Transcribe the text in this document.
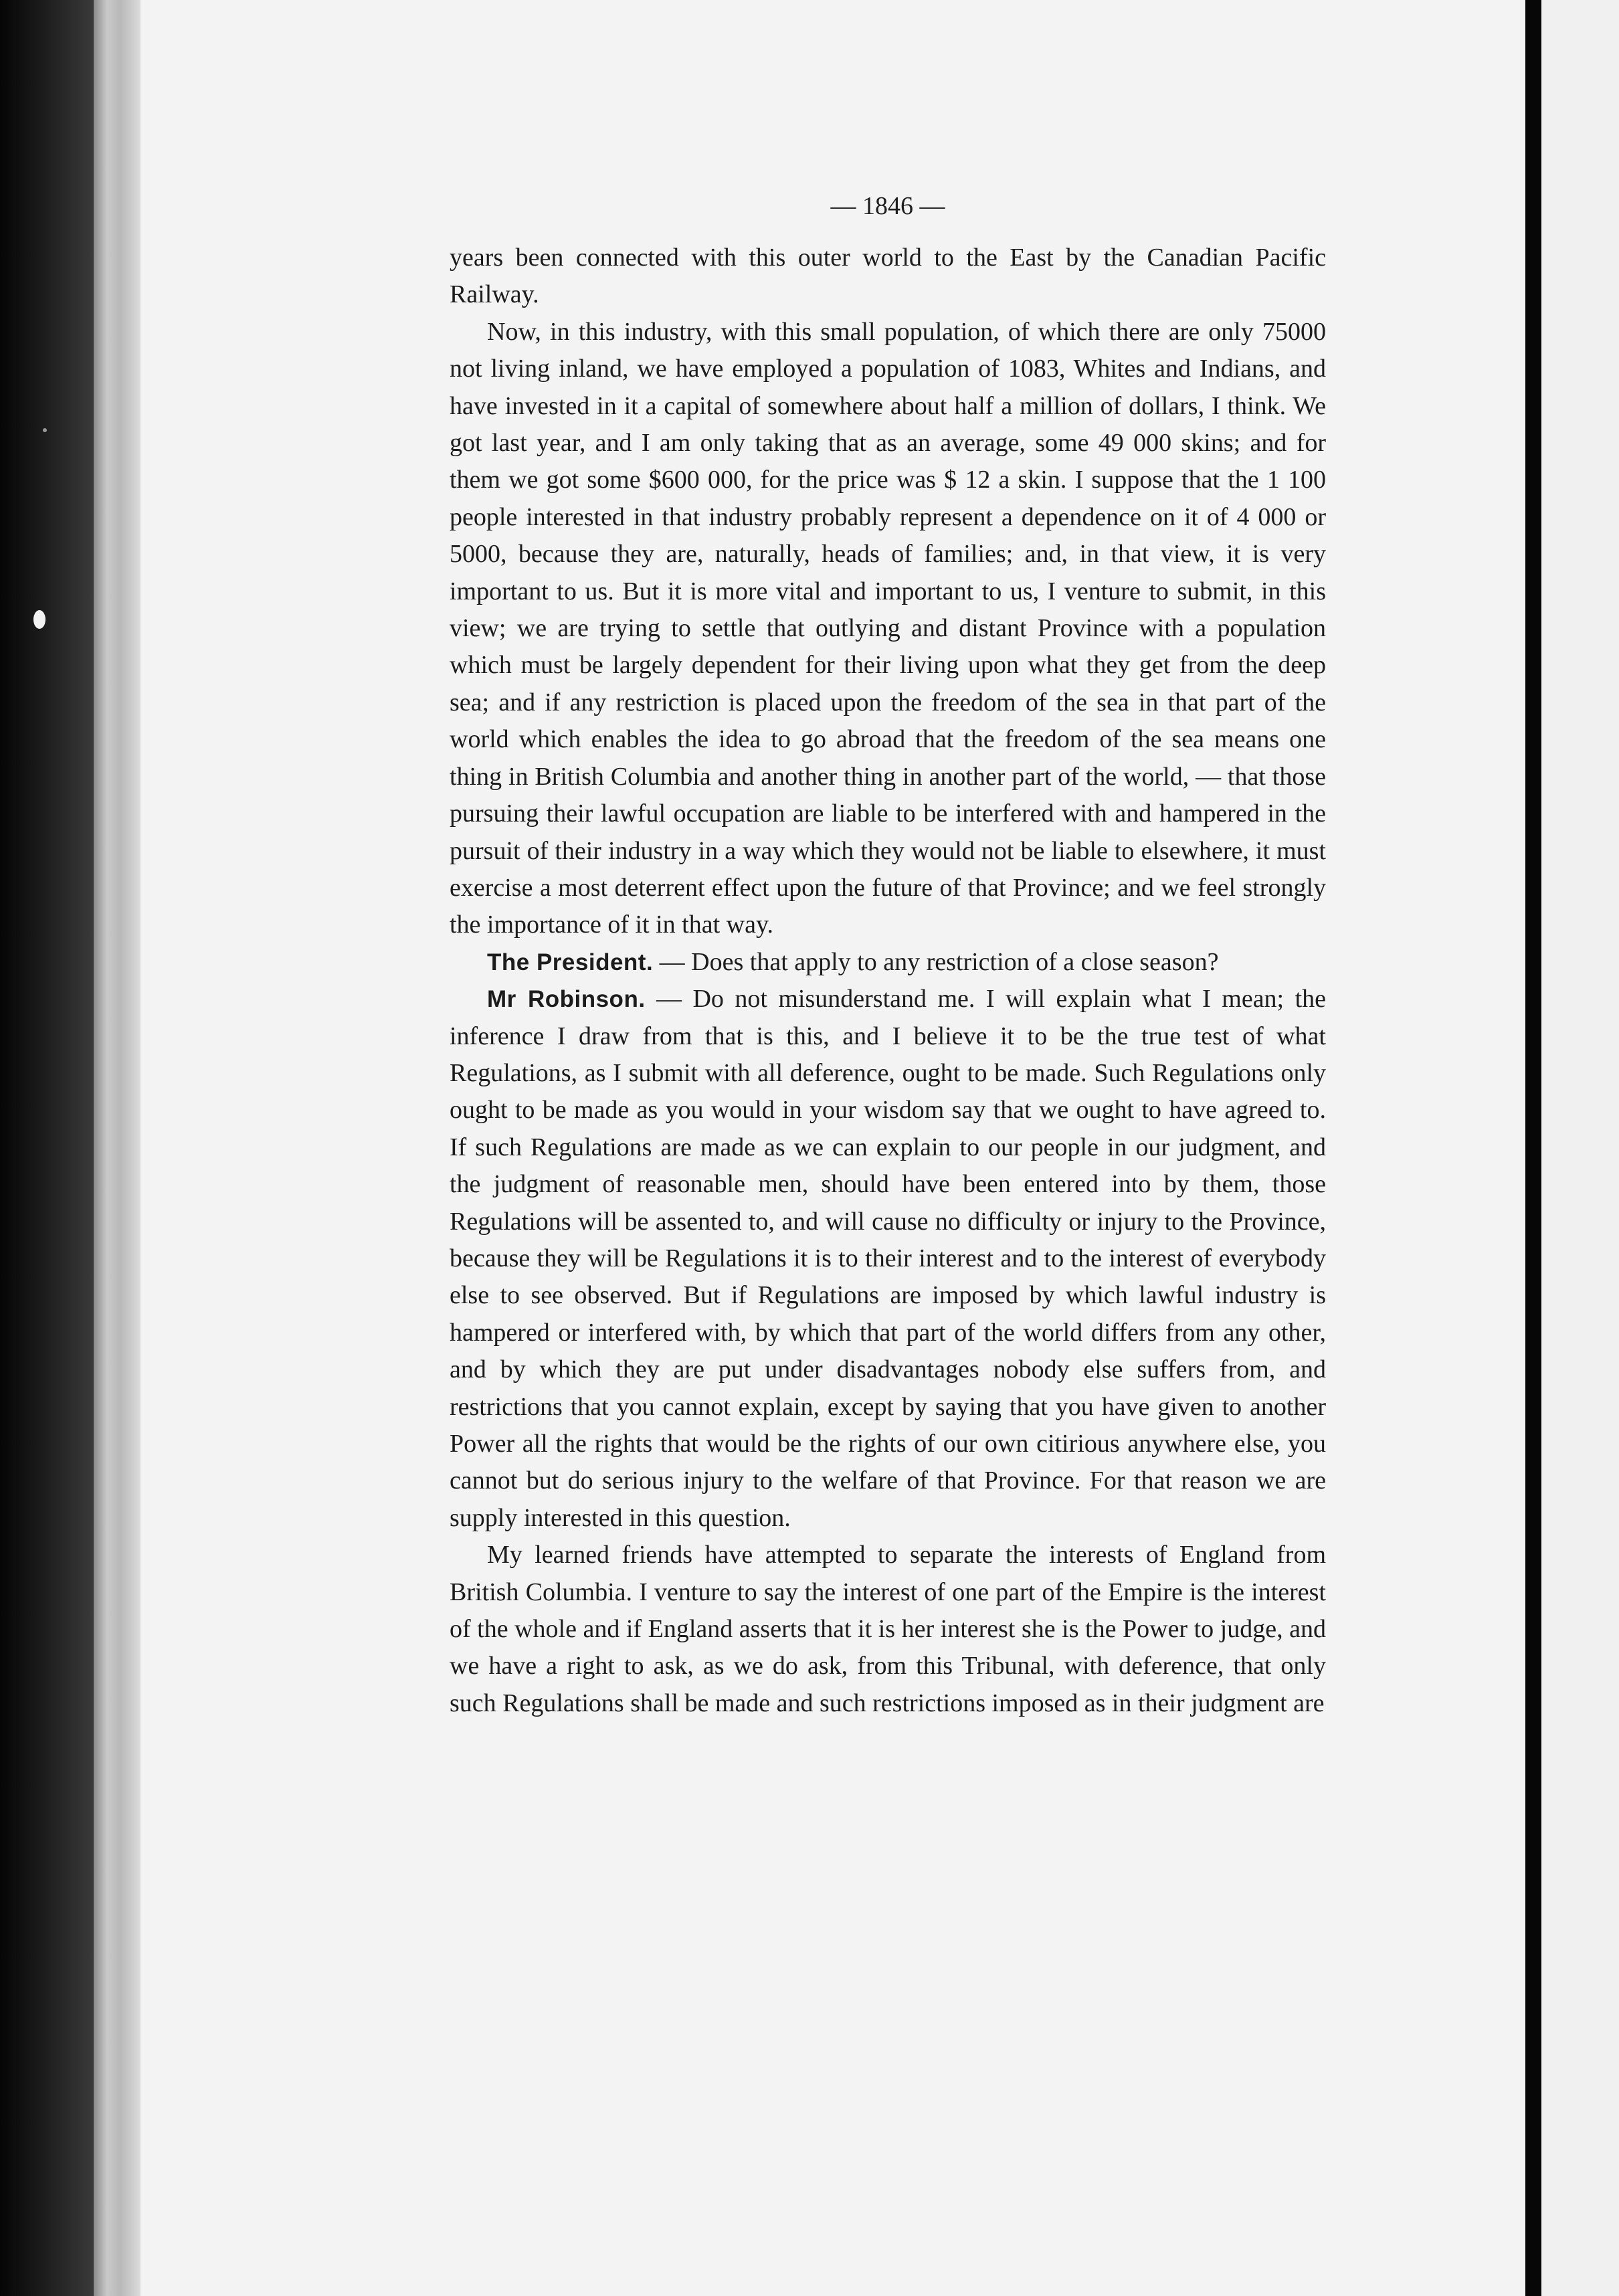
— 1846 —

years been connected with this outer world to the East by the Canadian Pacific Railway.

Now, in this industry, with this small population, of which there are only 75000 not living inland, we have employed a population of 1083, Whites and Indians, and have invested in it a capital of somewhere about half a million of dollars, I think. We got last year, and I am only taking that as an average, some 49 000 skins; and for them we got some $600 000, for the price was $ 12 a skin. I suppose that the 1 100 people interested in that industry probably represent a dependence on it of 4 000 or 5000, because they are, naturally, heads of families; and, in that view, it is very important to us. But it is more vital and important to us, I venture to submit, in this view; we are trying to settle that outlying and distant Province with a population which must be largely dependent for their living upon what they get from the deep sea; and if any restriction is placed upon the freedom of the sea in that part of the world which enables the idea to go abroad that the freedom of the sea means one thing in British Columbia and another thing in another part of the world, — that those pursuing their lawful occupation are liable to be interfered with and hampered in the pursuit of their industry in a way which they would not be liable to elsewhere, it must exercise a most deterrent effect upon the future of that Province; and we feel strongly the importance of it in that way.

The President. — Does that apply to any restriction of a close season?

Mr Robinson. — Do not misunderstand me. I will explain what I mean; the inference I draw from that is this, and I believe it to be the true test of what Regulations, as I submit with all deference, ought to be made. Such Regulations only ought to be made as you would in your wisdom say that we ought to have agreed to. If such Regulations are made as we can explain to our people in our judgment, and the judgment of reasonable men, should have been entered into by them, those Regulations will be assented to, and will cause no difficulty or injury to the Province, because they will be Regulations it is to their interest and to the interest of everybody else to see observed. But if Regulations are imposed by which lawful industry is hampered or interfered with, by which that part of the world differs from any other, and by which they are put under disadvantages nobody else suffers from, and restrictions that you cannot explain, except by saying that you have given to another Power all the rights that would be the rights of our own citirious anywhere else, you cannot but do serious injury to the welfare of that Province. For that reason we are supply interested in this question.

My learned friends have attempted to separate the interests of England from British Columbia. I venture to say the interest of one part of the Empire is the interest of the whole and if England asserts that it is her interest she is the Power to judge, and we have a right to ask, as we do ask, from this Tribunal, with deference, that only such Regulations shall be made and such restrictions imposed as in their judgment are
